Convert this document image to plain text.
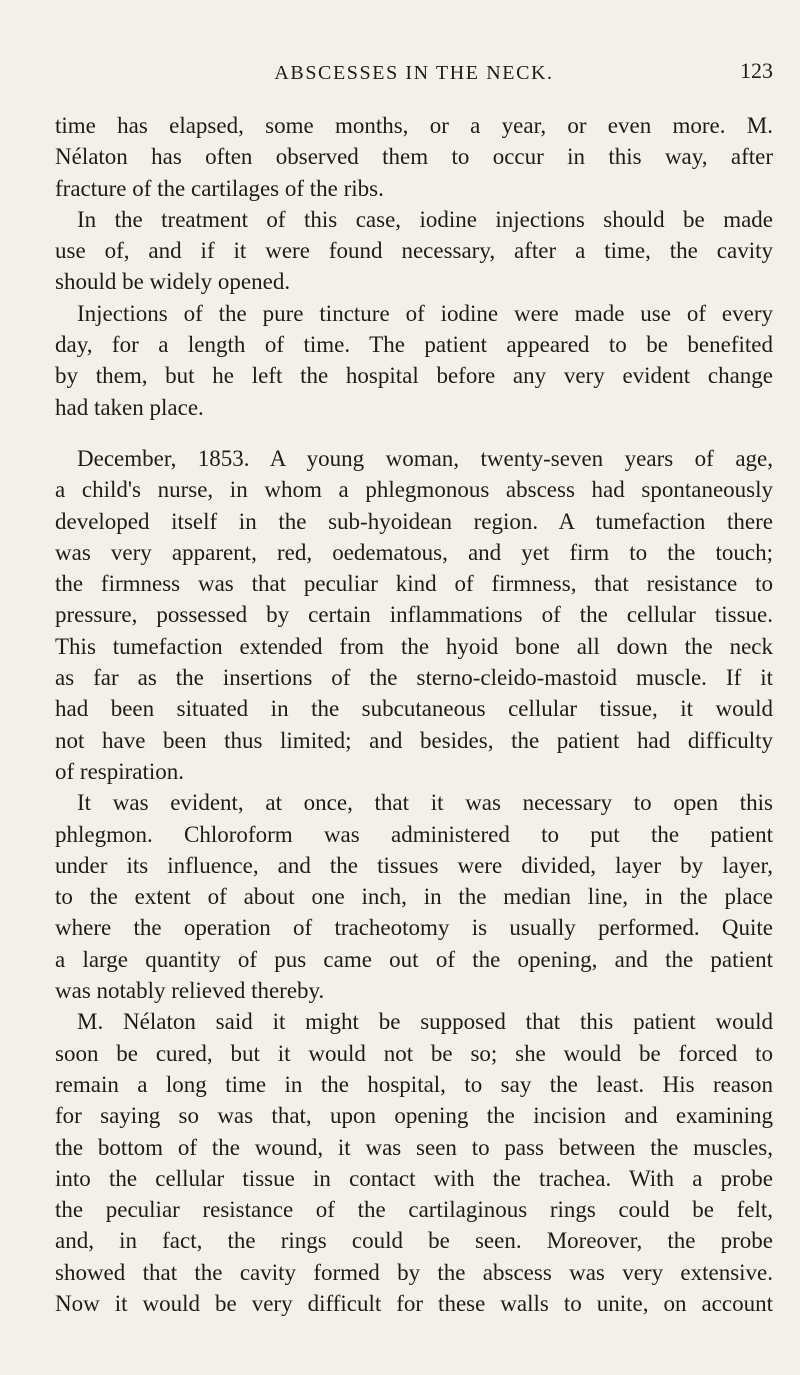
ABSCESSES IN THE NECK.	123
time has elapsed, some months, or a year, or even more. M.
Nélaton has often observed them to occur in this way, after
fracture of the cartilages of the ribs.
In the treatment of this case, iodine injections should be made
use of, and if it were found necessary, after a time, the cavity
should be widely opened.
Injections of the pure tincture of iodine were made use of every
day, for a length of time. The patient appeared to be benefited
by them, but he left the hospital before any very evident change
had taken place.
December, 1853. A young woman, twenty-seven years of age,
a child's nurse, in whom a phlegmonous abscess had spontaneously
developed itself in the sub-hyoidean region. A tumefaction there
was very apparent, red, oedematous, and yet firm to the touch;
the firmness was that peculiar kind of firmness, that resistance to
pressure, possessed by certain inflammations of the cellular tissue.
This tumefaction extended from the hyoid bone all down the neck
as far as the insertions of the sterno-cleido-mastoid muscle. If it
had been situated in the subcutaneous cellular tissue, it would
not have been thus limited; and besides, the patient had difficulty
of respiration.
It was evident, at once, that it was necessary to open this
phlegmon. Chloroform was administered to put the patient
under its influence, and the tissues were divided, layer by layer,
to the extent of about one inch, in the median line, in the place
where the operation of tracheotomy is usually performed. Quite
a large quantity of pus came out of the opening, and the patient
was notably relieved thereby.
M. Nélaton said it might be supposed that this patient would
soon be cured, but it would not be so; she would be forced to
remain a long time in the hospital, to say the least. His reason
for saying so was that, upon opening the incision and examining
the bottom of the wound, it was seen to pass between the muscles,
into the cellular tissue in contact with the trachea. With a probe
the peculiar resistance of the cartilaginous rings could be felt,
and, in fact, the rings could be seen. Moreover, the probe
showed that the cavity formed by the abscess was very extensive.
Now it would be very difficult for these walls to unite, on account
